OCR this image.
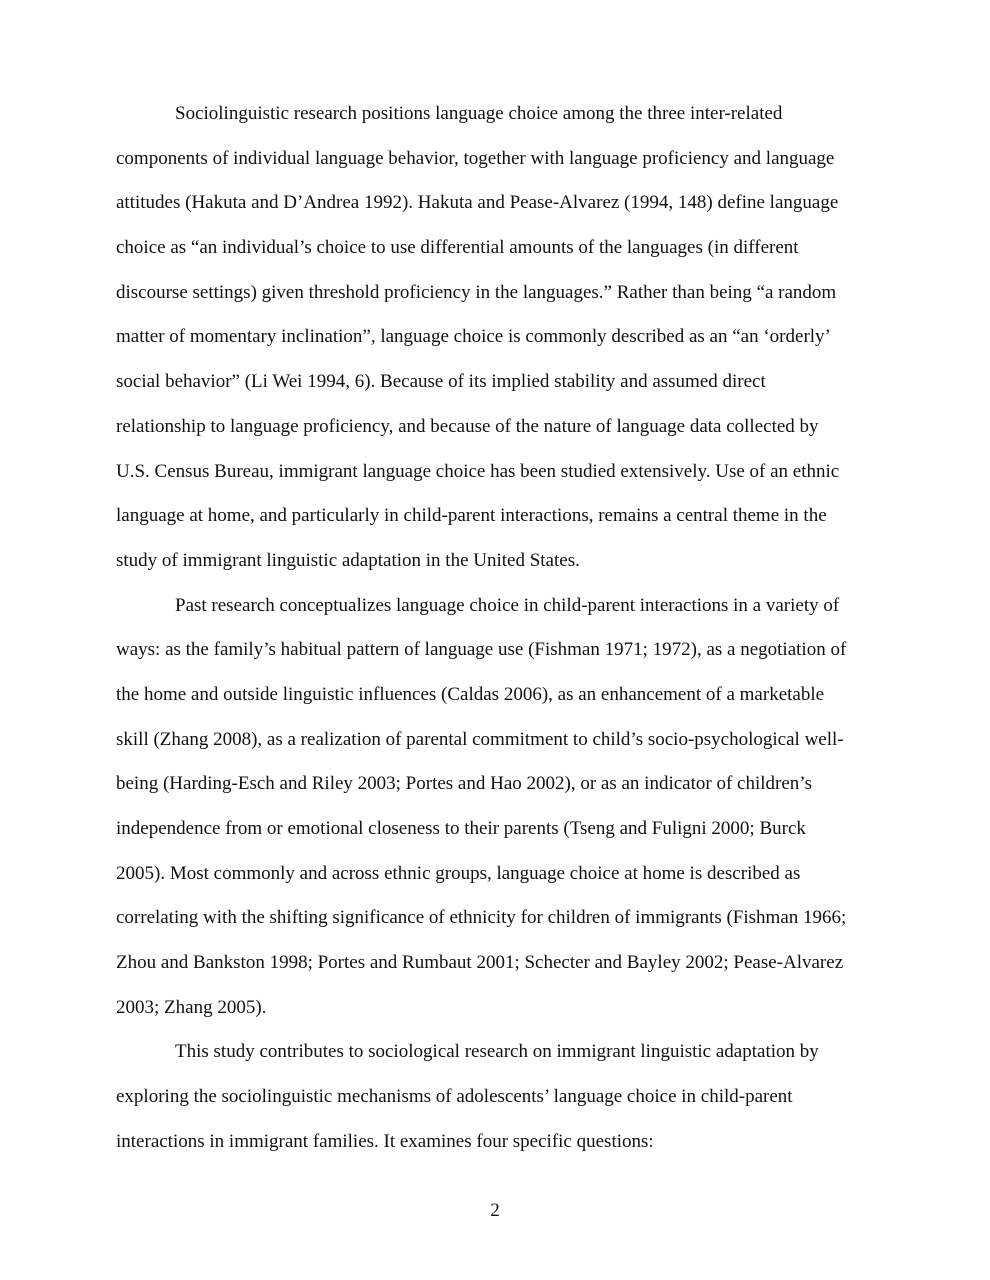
Sociolinguistic research positions language choice among the three inter-related
components of individual language behavior, together with language proficiency and language
attitudes (Hakuta and D’Andrea 1992). Hakuta and Pease-Alvarez (1994, 148) define language
choice as “an individual’s choice to use differential amounts of the languages (in different
discourse settings) given threshold proficiency in the languages.” Rather than being “a random
matter of momentary inclination”, language choice is commonly described as an “an ‘orderly’
social behavior” (Li Wei 1994, 6). Because of its implied stability and assumed direct
relationship to language proficiency, and because of the nature of language data collected by
U.S. Census Bureau, immigrant language choice has been studied extensively. Use of an ethnic
language at home, and particularly in child-parent interactions, remains a central theme in the
study of immigrant linguistic adaptation in the United States.
Past research conceptualizes language choice in child-parent interactions in a variety of
ways: as the family’s habitual pattern of language use (Fishman 1971; 1972), as a negotiation of
the home and outside linguistic influences (Caldas 2006), as an enhancement of a marketable
skill (Zhang 2008), as a realization of parental commitment to child’s socio-psychological well-
being (Harding-Esch and Riley 2003; Portes and Hao 2002), or as an indicator of children’s
independence from or emotional closeness to their parents (Tseng and Fuligni 2000; Burck
2005). Most commonly and across ethnic groups, language choice at home is described as
correlating with the shifting significance of ethnicity for children of immigrants (Fishman 1966;
Zhou and Bankston 1998; Portes and Rumbaut 2001; Schecter and Bayley 2002; Pease-Alvarez
2003; Zhang 2005).
This study contributes to sociological research on immigrant linguistic adaptation by
exploring the sociolinguistic mechanisms of adolescents’ language choice in child-parent
interactions in immigrant families. It examines four specific questions:
2
